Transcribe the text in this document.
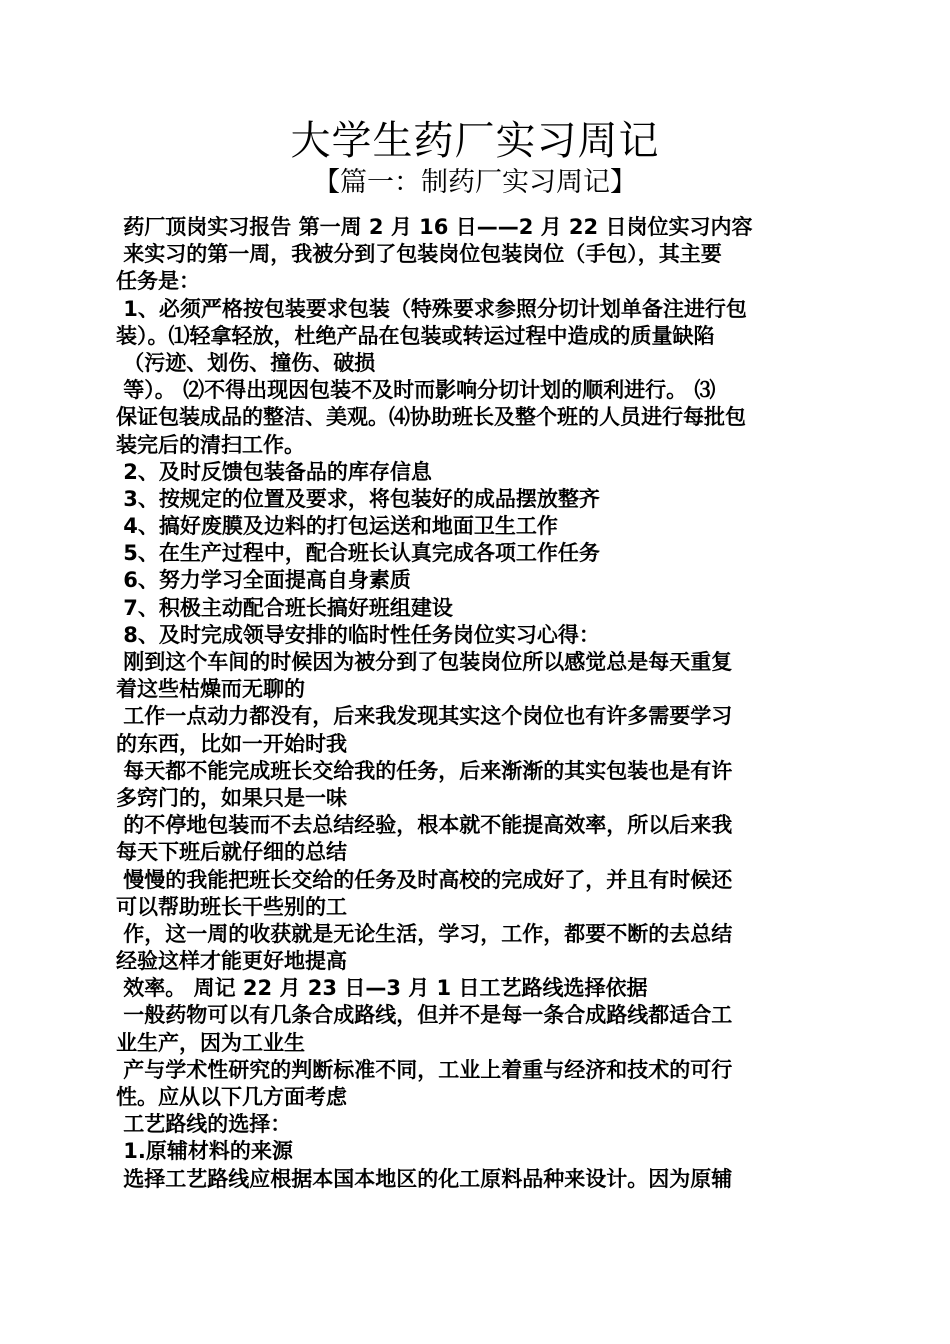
大学生药厂实习周记
【篇一：制药厂实习周记】
药厂顶岗实习报告 第一周 2 月 16 日——2 月 22 日岗位实习内容
来实习的第一周，我被分到了包装岗位包装岗位（手包），其主要
任务是：
1、必须严格按包装要求包装（特殊要求参照分切计划单备注进行包
装）。⑴轻拿轻放，杜绝产品在包装或转运过程中造成的质量缺陷
（污迹、划伤、撞伤、破损
等）。 ⑵不得出现因包装不及时而影响分切计划的顺利进行。 ⑶
保证包装成品的整洁、美观。⑷协助班长及整个班的人员进行每批包
装完后的清扫工作。
2、及时反馈包装备品的库存信息
3、按规定的位置及要求，将包装好的成品摆放整齐
4、搞好废膜及边料的打包运送和地面卫生工作
5、在生产过程中，配合班长认真完成各项工作任务
6、努力学习全面提高自身素质
7、积极主动配合班长搞好班组建设
8、及时完成领导安排的临时性任务岗位实习心得：
刚到这个车间的时候因为被分到了包装岗位所以感觉总是每天重复
着这些枯燥而无聊的
工作一点动力都没有，后来我发现其实这个岗位也有许多需要学习
的东西，比如一开始时我
每天都不能完成班长交给我的任务，后来渐渐的其实包装也是有许
多窍门的，如果只是一味
的不停地包装而不去总结经验，根本就不能提高效率，所以后来我
每天下班后就仔细的总结
慢慢的我能把班长交给的任务及时高校的完成好了，并且有时候还
可以帮助班长干些别的工
作，这一周的收获就是无论生活，学习，工作，都要不断的去总结
经验这样才能更好地提高
效率。 周记 22 月 23 日—3 月 1 日工艺路线选择依据
一般药物可以有几条合成路线，但并不是每一条合成路线都适合工
业生产，因为工业生
产与学术性研究的判断标准不同，工业上着重与经济和技术的可行
性。应从以下几方面考虑
工艺路线的选择：
1.原辅材料的来源
选择工艺路线应根据本国本地区的化工原料品种来设计。因为原辅
